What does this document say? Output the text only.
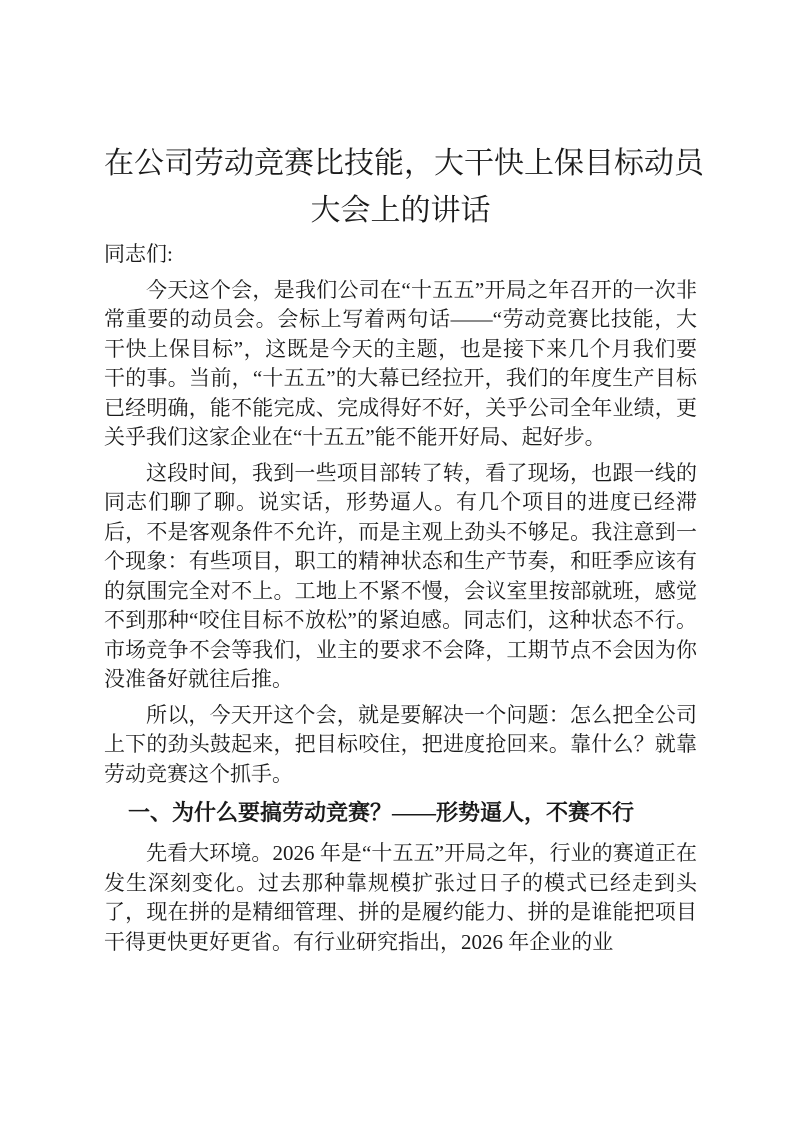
在公司劳动竞赛比技能，大干快上保目标动员
大会上的讲话

同志们:

今天这个会，是我们公司在“十五五”开局之年召开的一次非常重要的动员会。会标上写着两句话——“劳动竞赛比技能，大干快上保目标”，这既是今天的主题，也是接下来几个月我们要干的事。当前，“十五五”的大幕已经拉开，我们的年度生产目标已经明确，能不能完成、完成得好不好，关乎公司全年业绩，更关乎我们这家企业在“十五五”能不能开好局、起好步。

这段时间，我到一些项目部转了转，看了现场，也跟一线的同志们聊了聊。说实话，形势逼人。有几个项目的进度已经滞后，不是客观条件不允许，而是主观上劲头不够足。我注意到一个现象：有些项目，职工的精神状态和生产节奏，和旺季应该有的氛围完全对不上。工地上不紧不慢，会议室里按部就班，感觉不到那种“咬住目标不放松”的紧迫感。同志们，这种状态不行。市场竞争不会等我们，业主的要求不会降，工期节点不会因为你没准备好就往后推。

所以，今天开这个会，就是要解决一个问题：怎么把全公司上下的劲头鼓起来，把目标咬住，把进度抢回来。靠什么？就靠劳动竞赛这个抓手。

一、为什么要搞劳动竞赛？——形势逼人，不赛不行

先看大环境。2026 年是“十五五”开局之年，行业的赛道正在发生深刻变化。过去那种靠规模扩张过日子的模式已经走到头了，现在拼的是精细管理、拼的是履约能力、拼的是谁能把项目干得更快更好更省。有行业研究指出，2026 年企业的业
